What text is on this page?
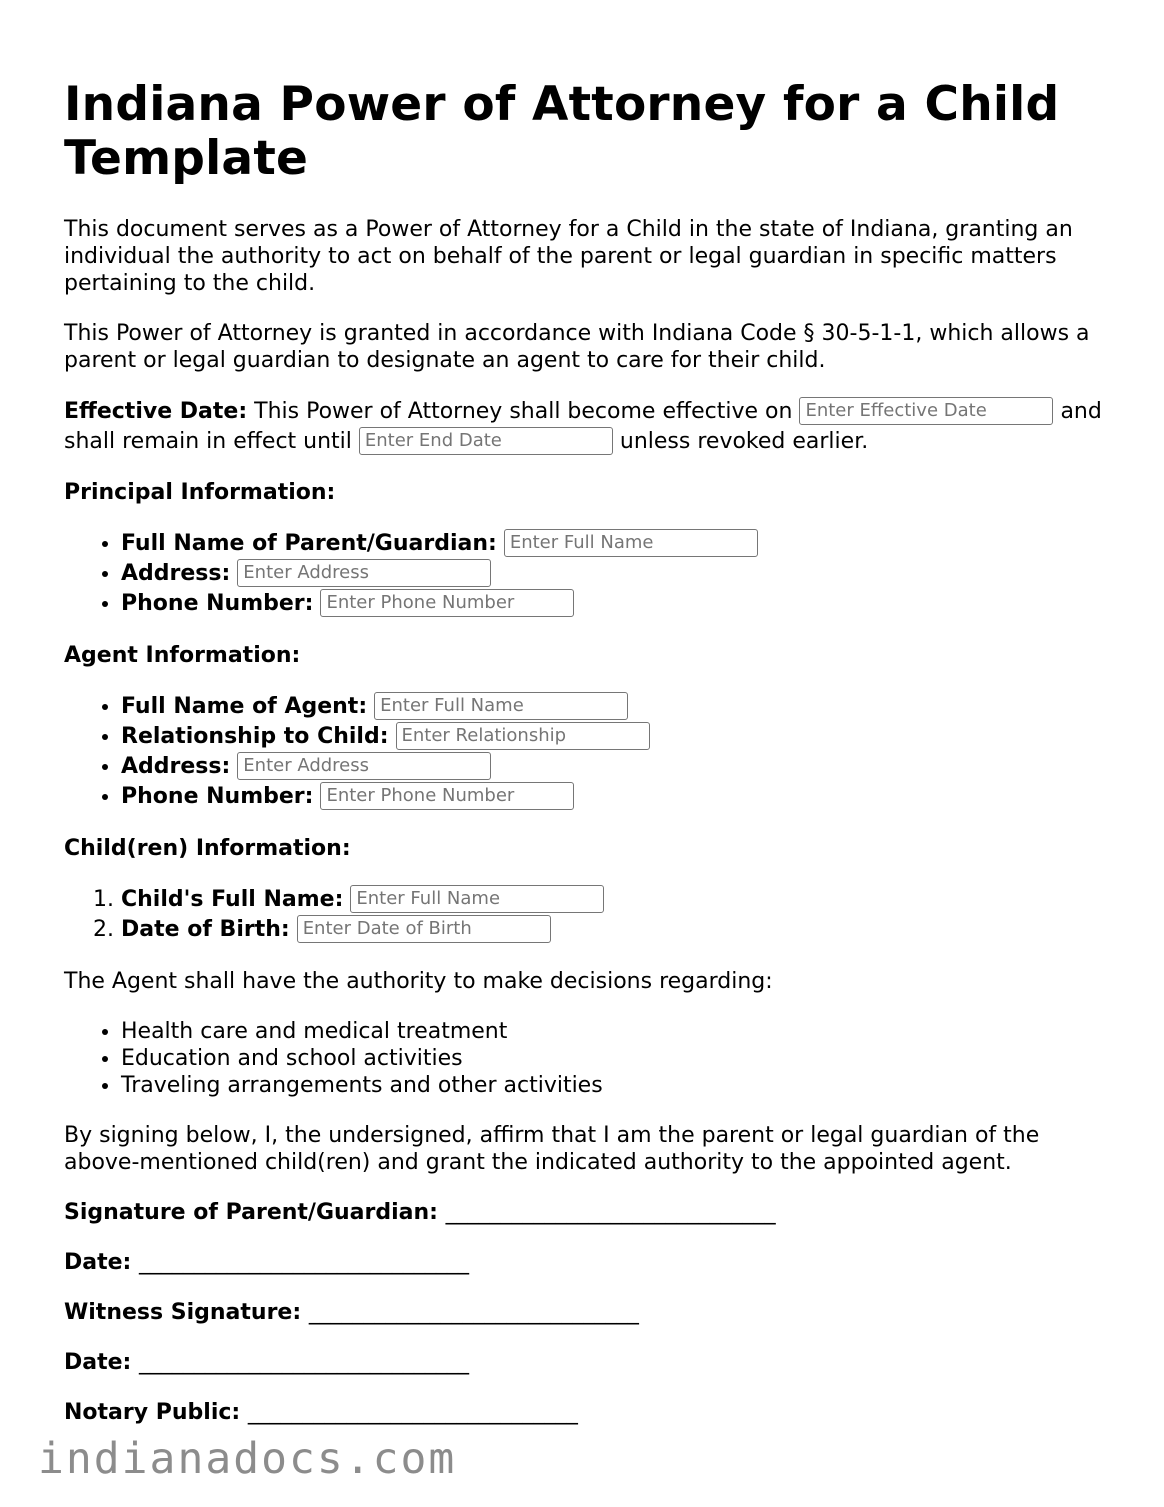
Indiana Power of Attorney for a Child Template

This document serves as a Power of Attorney for a Child in the state of Indiana, granting an individual the authority to act on behalf of the parent or legal guardian in specific matters pertaining to the child.

This Power of Attorney is granted in accordance with Indiana Code § 30-5-1-1, which allows a parent or legal guardian to designate an agent to care for their child.

Effective Date: This Power of Attorney shall become effective on Enter Effective Date	and shall remain in effect until Enter End Date	unless revoked earlier.

Principal Information:
• Full Name of Parent/Guardian: Enter Full Name
• Address: Enter Address
• Phone Number: Enter Phone Number
Agent Information:
• Full Name of Agent: Enter Full Name
• Relationship to Child: Enter Relationship
• Address: Enter Address
• Phone Number: Enter Phone Number
Child(ren) Information:
1. Child's Full Name: Enter Full Name
2. Date of Birth: Enter Date of Birth

The Agent shall have the authority to make decisions regarding:

• Health care and medical treatment
• Education and school activities
• Traveling arrangements and other activities

By signing below, I, the undersigned, affirm that I am the parent or legal guardian of the above-mentioned child(ren) and grant the indicated authority to the appointed agent.

Signature of Parent/Guardian: ______________________________
Date: ______________________________
Witness Signature: ______________________________
Date: ______________________________
Notary Public: ______________________________
indianadocs.com
